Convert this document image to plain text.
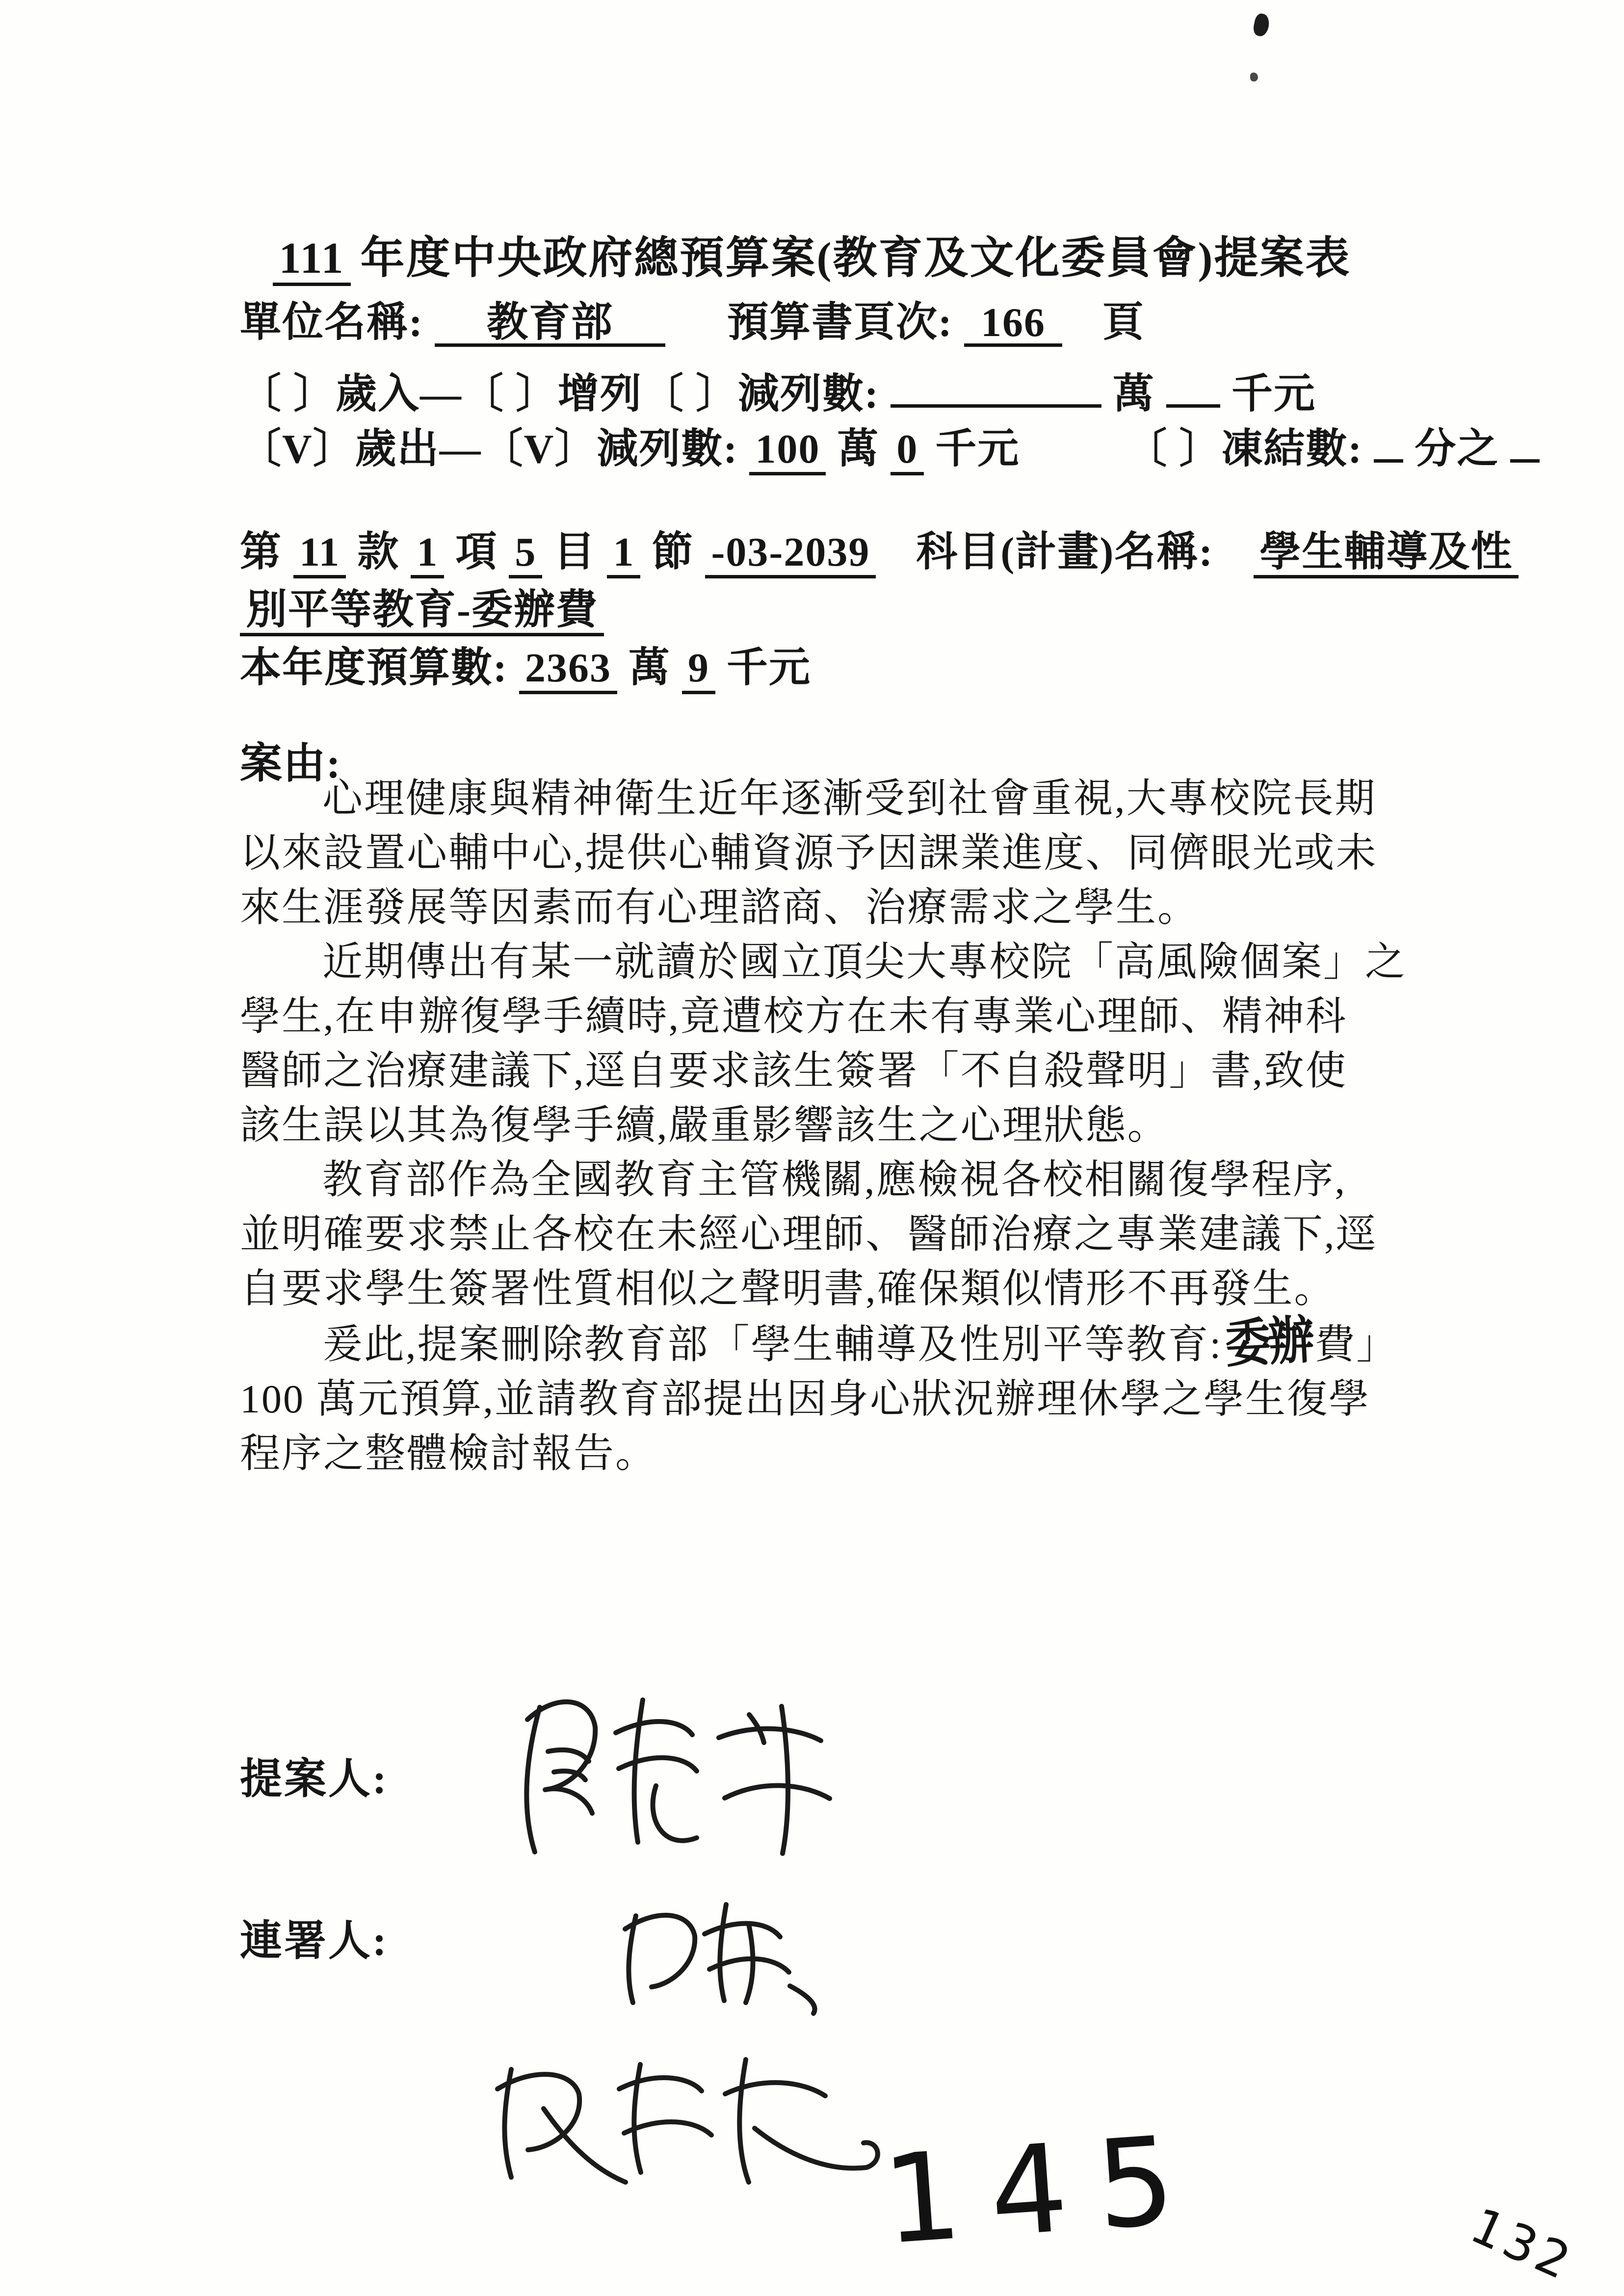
111 年度中央政府總預算案(教育及文化委員會)提案表
單位名稱: 教育部	預算書頁次: 166 頁
〔 〕歲入—〔 〕增列〔 〕減列數:	萬 千元
〔V〕歲出—〔V〕減列數: 100 萬 0 千元	〔 〕凍結數: 分之
第 11 款 1 項 5 目 1 節 -03-2039 科目(計畫)名稱: 學生輔導及性
別平等教育-委辦費
本年度預算數: 2363 萬 9 千元
案由:
心理健康與精神衛生近年逐漸受到社會重視,大專校院長期
以來設置心輔中心,提供心輔資源予因課業進度、同儕眼光或未
來生涯發展等因素而有心理諮商、治療需求之學生。
近期傳出有某一就讀於國立頂尖大專校院「高風險個案」之
學生,在申辦復學手續時,竟遭校方在未有專業心理師、精神科
醫師之治療建議下,逕自要求該生簽署「不自殺聲明」書,致使
該生誤以其為復學手續,嚴重影響該生之心理狀態。
教育部作為全國教育主管機關,應檢視各校相關復學程序,
並明確要求禁止各校在未經心理師、醫師治療之專業建議下,逕
自要求學生簽署性質相似之聲明書,確保類似情形不再發生。
爰此,提案刪除教育部「學生輔導及性別平等教育:委辦費」
100 萬元預算,並請教育部提出因身心狀況辦理休學之學生復學
程序之整體檢討報告。
提案人:
連署人:
145	132
